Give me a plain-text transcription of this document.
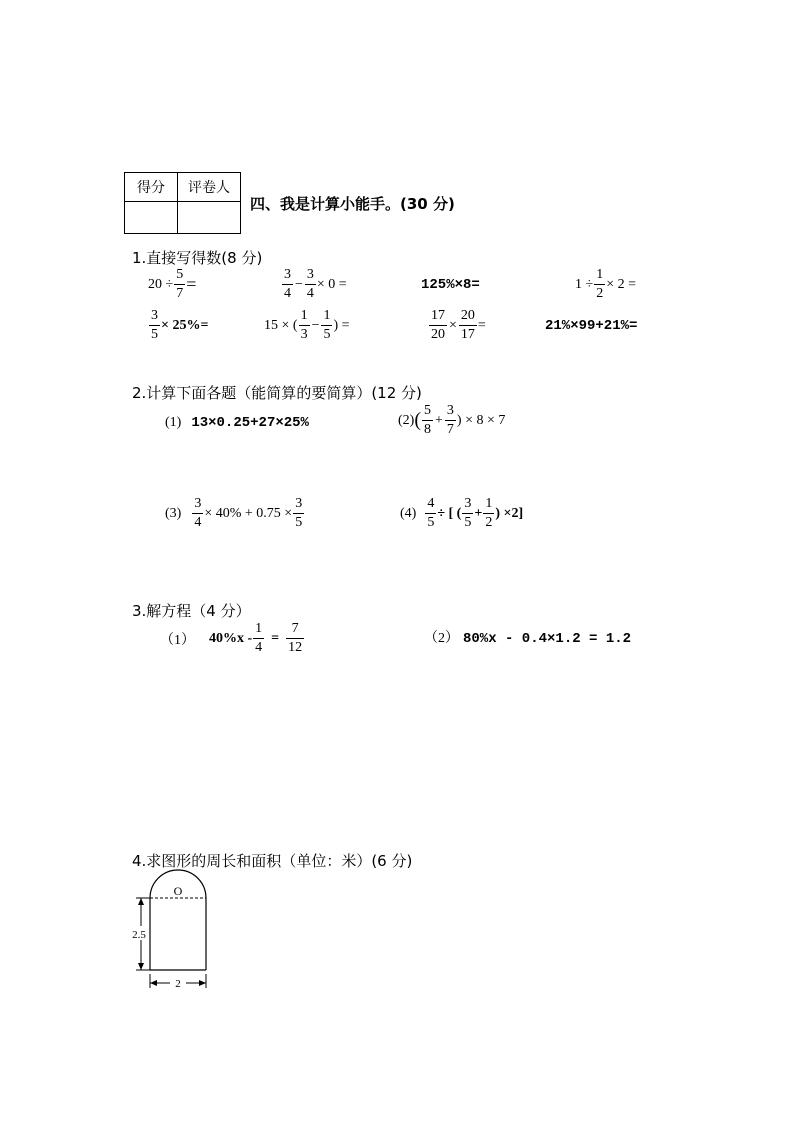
得分	评卷人

四、我是计算小能手。(30 分)
1.直接写得数(8 分)
$20 \div \frac{5}{7}$ =	$\frac{3}{4} - \frac{3}{4} \times 0$ =	125%×8=	$1 \div \frac{1}{2} \times 2$ =
$\frac{3}{5} \times 25\%=$	15 × ( $\frac{1}{3} - \frac{1}{5}$ ) =	$\frac{17}{20} \times \frac{20}{17}$ =	21%×99+21%=
2.计算下面各题（能简算的要简算）(12 分)
(1) 13×0.25+27×25%	(2) ( $\frac{5}{8} + \frac{3}{7}$ ) × 8 × 7
$(3) \frac{3}{4} \times 40\% + 0.75 \times \frac{3}{5}$	$(4) \frac{4}{5}$ ÷ [ ( $\frac{3}{5} + \frac{1}{2}$ ) ×2]
3.解方程（4 分）
（1） $40\%x - \frac{1}{4} = \frac{7}{12}$	（2） 80%x - 0.4×1.2 = 1.2
4.求图形的周长和面积（单位：米）(6 分)
O
2.5
2
